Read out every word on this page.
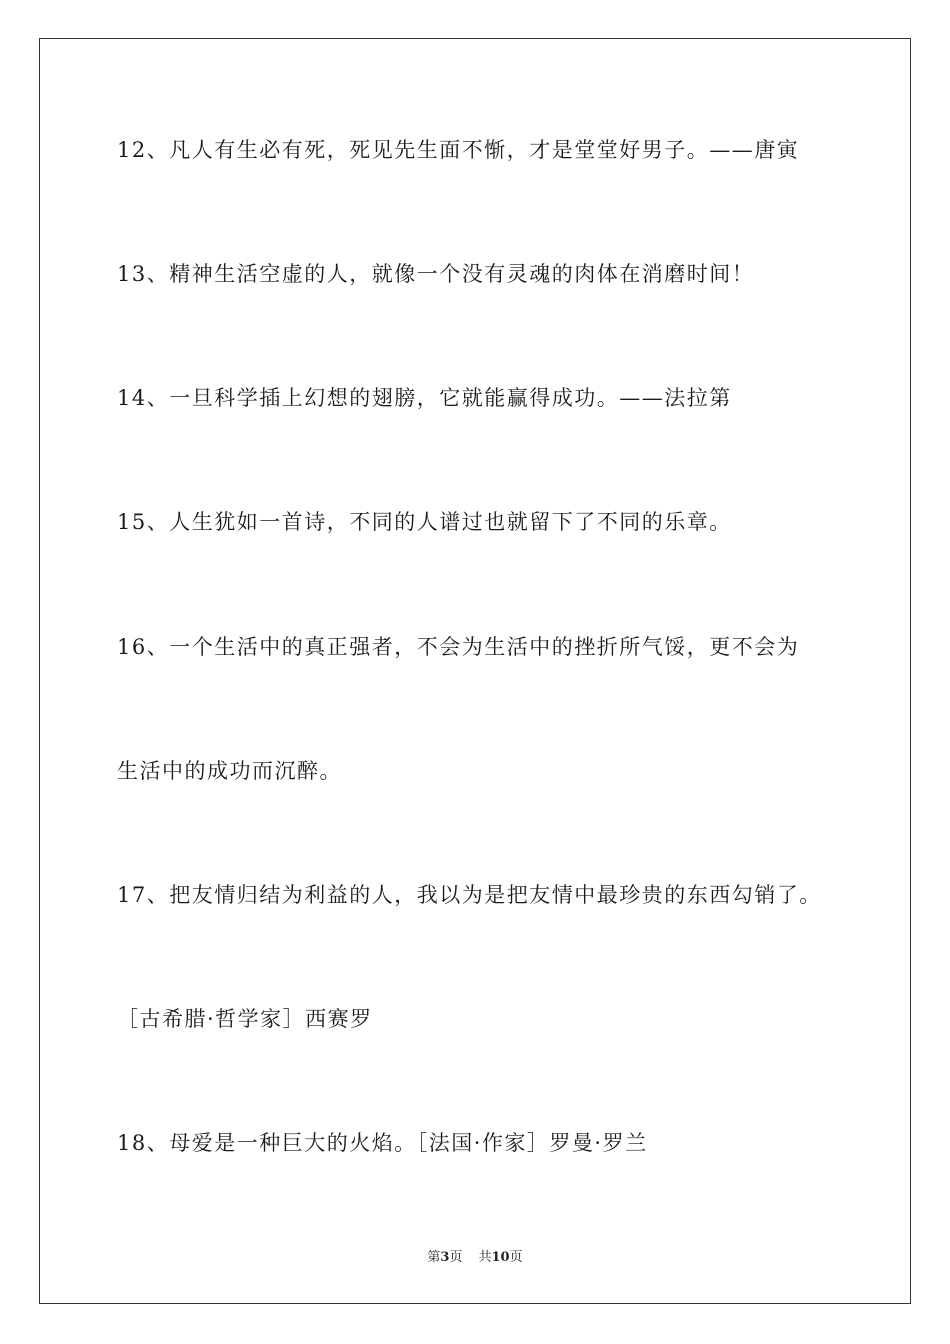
12、凡人有生必有死，死见先生面不惭，才是堂堂好男子。——唐寅
13、精神生活空虚的人，就像一个没有灵魂的肉体在消磨时间！
14、一旦科学插上幻想的翅膀，它就能赢得成功。——法拉第
15、人生犹如一首诗，不同的人谱过也就留下了不同的乐章。
16、一个生活中的真正强者，不会为生活中的挫折所气馁，更不会为
生活中的成功而沉醉。
17、把友情归结为利益的人，我以为是把友情中最珍贵的东西勾销了。
［古希腊·哲学家］西赛罗
18、母爱是一种巨大的火焰。［法国·作家］罗曼·罗兰
第3页 共10页
